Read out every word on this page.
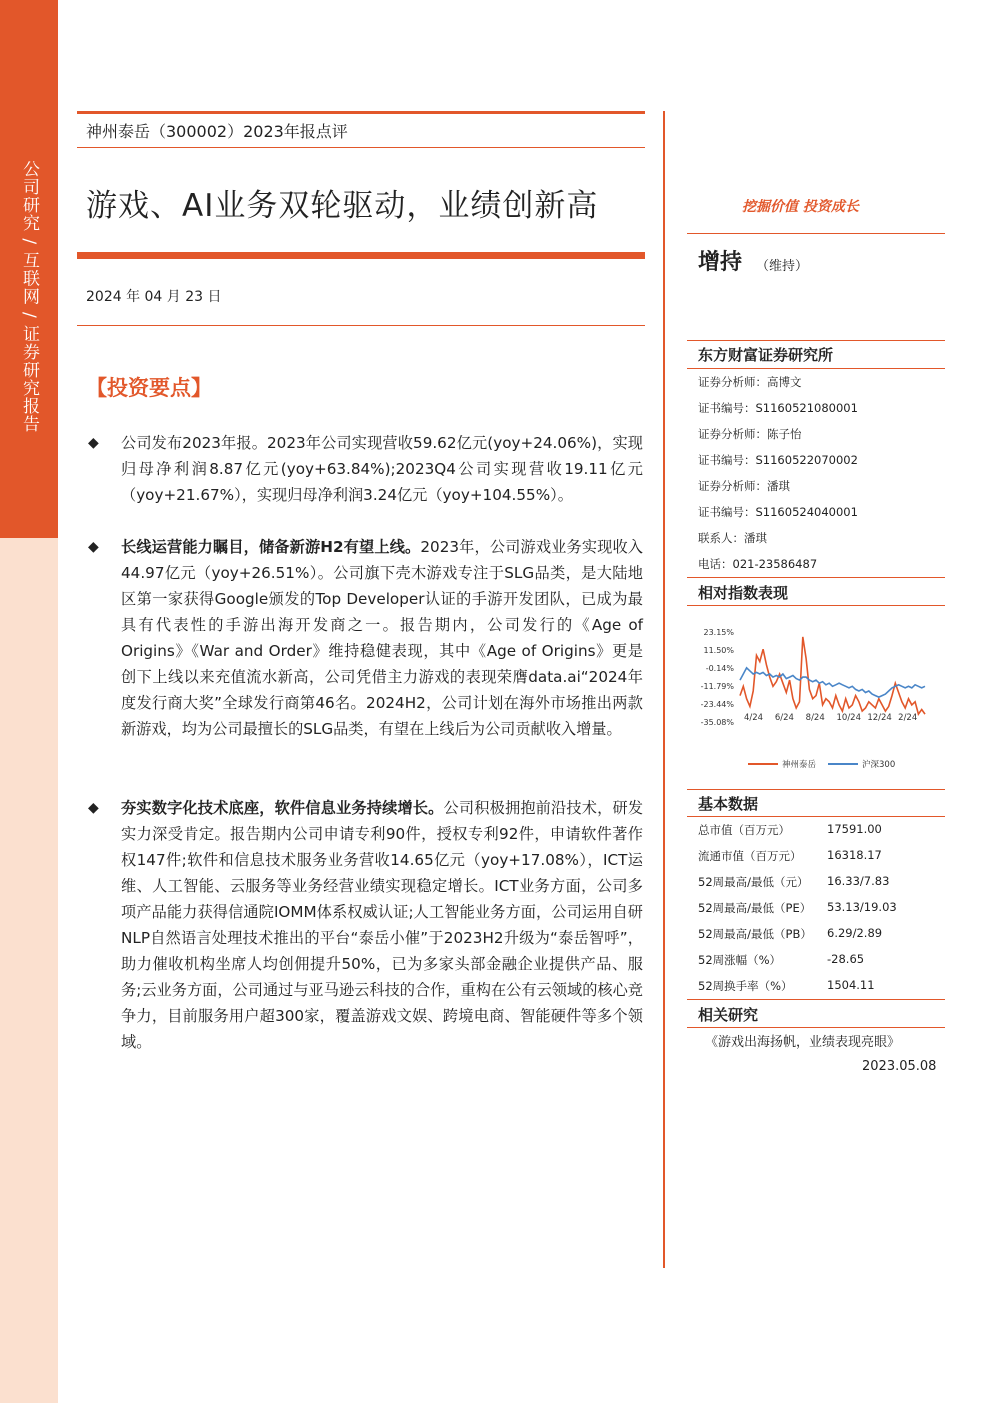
公司研究 / 互联网 / 证券研究报告
神州泰岳（300002）2023年报点评
游戏、AI业务双轮驱动，业绩创新高
2024 年 04 月 23 日
【投资要点】
◆ 公司发布2023年报。2023年公司实现营收59.62亿元(yoy+24.06%)，实现归母净利润8.87亿元(yoy+63.84%);2023Q4公司实现营收19.11亿元（yoy+21.67%），实现归母净利润3.24亿元（yoy+104.55%）。
◆ 长线运营能力瞩目，储备新游H2有望上线。2023年，公司游戏业务实现收入44.97亿元（yoy+26.51%）。公司旗下壳木游戏专注于SLG品类，是大陆地区第一家获得Google颁发的Top Developer认证的手游开发团队，已成为最具有代表性的手游出海开发商之一。报告期内，公司发行的《Age of Origins》《War and Order》维持稳健表现，其中《Age of Origins》更是创下上线以来充值流水新高，公司凭借主力游戏的表现荣膺data.ai“2024年度发行商大奖”全球发行商第46名。2024H2，公司计划在海外市场推出两款新游戏，均为公司最擅长的SLG品类，有望在上线后为公司贡献收入增量。
◆ 夯实数字化技术底座，软件信息业务持续增长。公司积极拥抱前沿技术，研发实力深受肯定。报告期内公司申请专利90件，授权专利92件，申请软件著作权147件;软件和信息技术服务业务营收14.65亿元（yoy+17.08%），ICT运维、人工智能、云服务等业务经营业绩实现稳定增长。ICT业务方面，公司多项产品能力获得信通院IOMM体系权威认证;人工智能业务方面，公司运用自研NLP自然语言处理技术推出的平台“泰岳小催”于2023H2升级为“泰岳智呼”，助力催收机构坐席人均创佣提升50%，已为多家头部金融企业提供产品、服务;云业务方面，公司通过与亚马逊云科技的合作，重构在公有云领域的核心竞争力，目前服务用户超300家，覆盖游戏文娱、跨境电商、智能硬件等多个领域。
挖掘价值 投资成长
增持 （维持）
东方财富证券研究所
证券分析师：高博文
证书编号：S1160521080001
证券分析师：陈子怡
证书编号：S1160522070002
证券分析师：潘琪
证书编号：S1160524040001
联系人：潘琪
电话：021-23586487
相对指数表现
23.15%
11.50%
-0.14%
-11.79%
-23.44%
-35.08% 4/24 6/24 8/24 10/24 12/24 2/24
神州泰岳	沪深300
基本数据
总市值（百万元）	17591.00
流通市值（百万元） 16318.17
52周最高/最低（元） 16.33/7.83
52周最高/最低（PE） 53.13/19.03
52周最高/最低（PB） 6.29/2.89
52周涨幅（%）	-28.65
52周换手率（%）	1504.11
相关研究
《游戏出海扬帆，业绩表现亮眼》
2023.05.08
